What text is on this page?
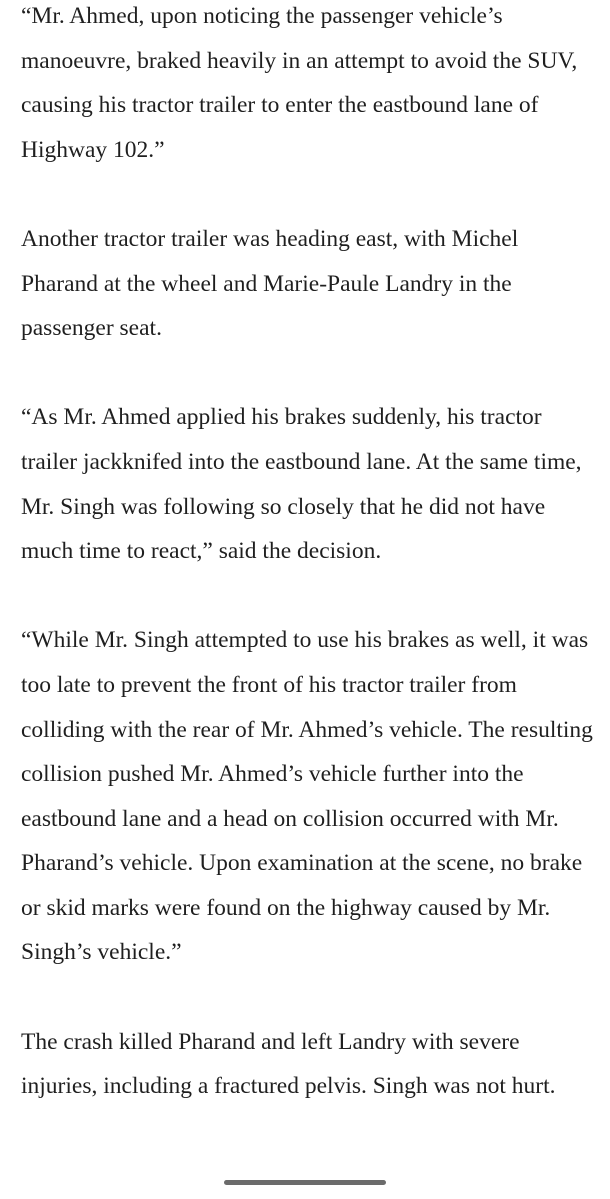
“Mr. Ahmed, upon noticing the passenger vehicle’s manoeuvre, braked heavily in an attempt to avoid the SUV, causing his tractor trailer to enter the eastbound lane of Highway 102.”

Another tractor trailer was heading east, with Michel Pharand at the wheel and Marie-Paule Landry in the passenger seat.

“As Mr. Ahmed applied his brakes suddenly, his tractor trailer jackknifed into the eastbound lane. At the same time, Mr. Singh was following so closely that he did not have much time to react,” said the decision.

“While Mr. Singh attempted to use his brakes as well, it was too late to prevent the front of his tractor trailer from colliding with the rear of Mr. Ahmed’s vehicle. The resulting collision pushed Mr. Ahmed’s vehicle further into the eastbound lane and a head on collision occurred with Mr. Pharand’s vehicle. Upon examination at the scene, no brake or skid marks were found on the highway caused by Mr. Singh’s vehicle.”

The crash killed Pharand and left Landry with severe injuries, including a fractured pelvis. Singh was not hurt.
